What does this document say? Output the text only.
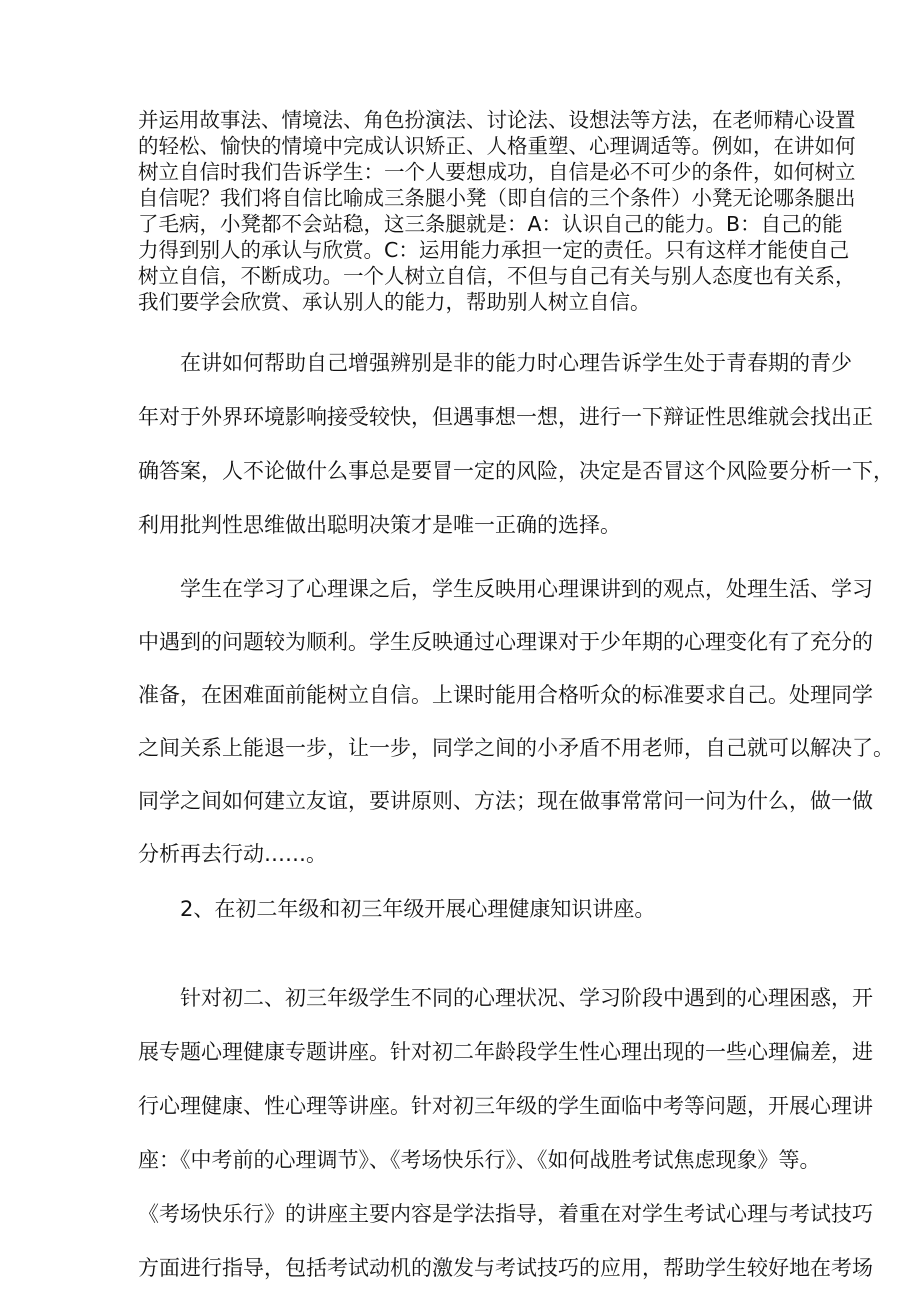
并运用故事法、情境法、角色扮演法、讨论法、设想法等方法，在老师精心设置
的轻松、愉快的情境中完成认识矫正、人格重塑、心理调适等。例如，在讲如何
树立自信时我们告诉学生：一个人要想成功，自信是必不可少的条件，如何树立
自信呢？我们将自信比喻成三条腿小凳（即自信的三个条件）小凳无论哪条腿出
了毛病，小凳都不会站稳，这三条腿就是：A：认识自己的能力。B：自己的能
力得到别人的承认与欣赏。C：运用能力承担一定的责任。只有这样才能使自己
树立自信，不断成功。一个人树立自信，不但与自己有关与别人态度也有关系，
我们要学会欣赏、承认别人的能力，帮助别人树立自信。
在讲如何帮助自己增强辨别是非的能力时心理告诉学生处于青春期的青少
年对于外界环境影响接受较快，但遇事想一想，进行一下辩证性思维就会找出正
确答案，人不论做什么事总是要冒一定的风险，决定是否冒这个风险要分析一下，
利用批判性思维做出聪明决策才是唯一正确的选择。
学生在学习了心理课之后，学生反映用心理课讲到的观点，处理生活、学习
中遇到的问题较为顺利。学生反映通过心理课对于少年期的心理变化有了充分的
准备，在困难面前能树立自信。上课时能用合格听众的标准要求自己。处理同学
之间关系上能退一步，让一步，同学之间的小矛盾不用老师，自己就可以解决了。
同学之间如何建立友谊，要讲原则、方法；现在做事常常问一问为什么，做一做
分析再去行动……。
2、在初二年级和初三年级开展心理健康知识讲座。
针对初二、初三年级学生不同的心理状况、学习阶段中遇到的心理困惑，开
展专题心理健康专题讲座。针对初二年龄段学生性心理出现的一些心理偏差，进
行心理健康、性心理等讲座。针对初三年级的学生面临中考等问题，开展心理讲
座：《中考前的心理调节》、《考场快乐行》、《如何战胜考试焦虑现象》等。
《考场快乐行》的讲座主要内容是学法指导，着重在对学生考试心理与考试技巧
方面进行指导，包括考试动机的激发与考试技巧的应用，帮助学生较好地在考场
